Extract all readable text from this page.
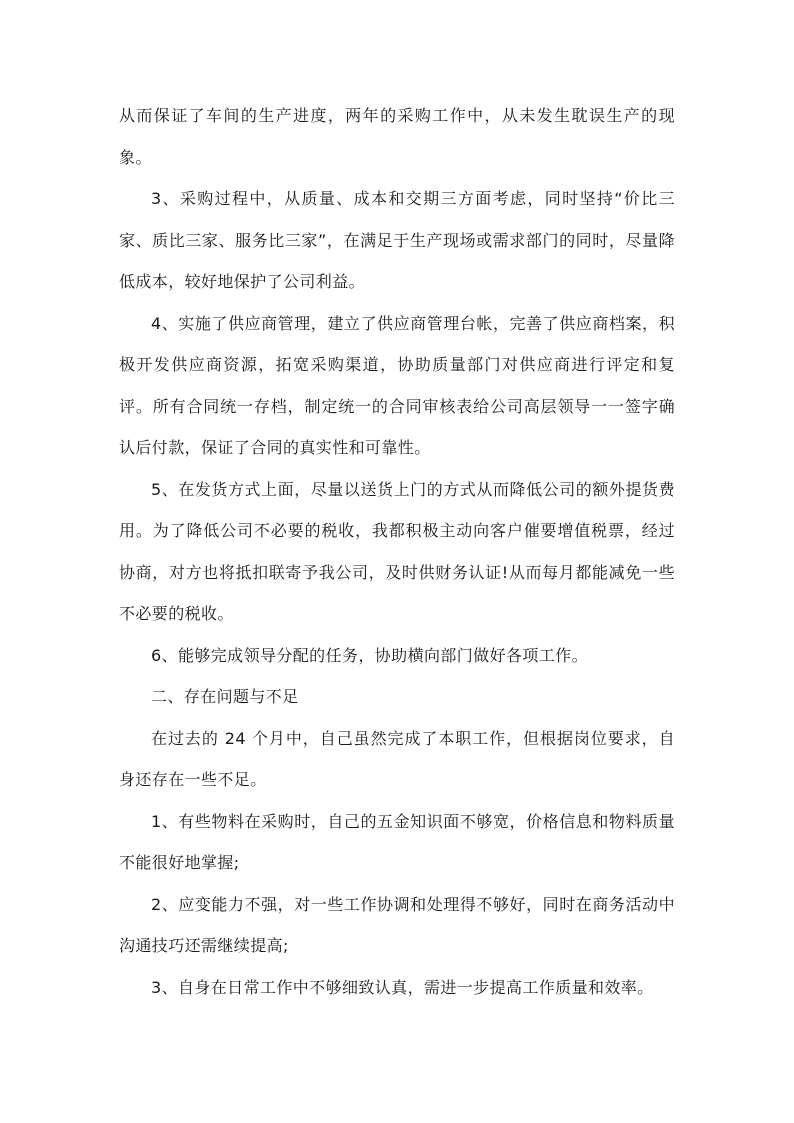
从而保证了车间的生产进度，两年的采购工作中，从未发生耽误生产的现象。

3、采购过程中，从质量、成本和交期三方面考虑，同时坚持“价比三家、质比三家、服务比三家”，在满足于生产现场或需求部门的同时，尽量降低成本，较好地保护了公司利益。

4、实施了供应商管理，建立了供应商管理台帐，完善了供应商档案，积极开发供应商资源，拓宽采购渠道，协助质量部门对供应商进行评定和复评。所有合同统一存档，制定统一的合同审核表给公司高层领导一一签字确认后付款，保证了合同的真实性和可靠性。

5、在发货方式上面，尽量以送货上门的方式从而降低公司的额外提货费用。为了降低公司不必要的税收，我都积极主动向客户催要增值税票，经过协商，对方也将抵扣联寄予我公司，及时供财务认证!从而每月都能减免一些不必要的税收。

6、能够完成领导分配的任务，协助横向部门做好各项工作。

二、存在问题与不足

在过去的 24 个月中，自己虽然完成了本职工作，但根据岗位要求，自身还存在一些不足。

1、有些物料在采购时，自己的五金知识面不够宽，价格信息和物料质量不能很好地掌握;

2、应变能力不强，对一些工作协调和处理得不够好，同时在商务活动中沟通技巧还需继续提高;

3、自身在日常工作中不够细致认真，需进一步提高工作质量和效率。
